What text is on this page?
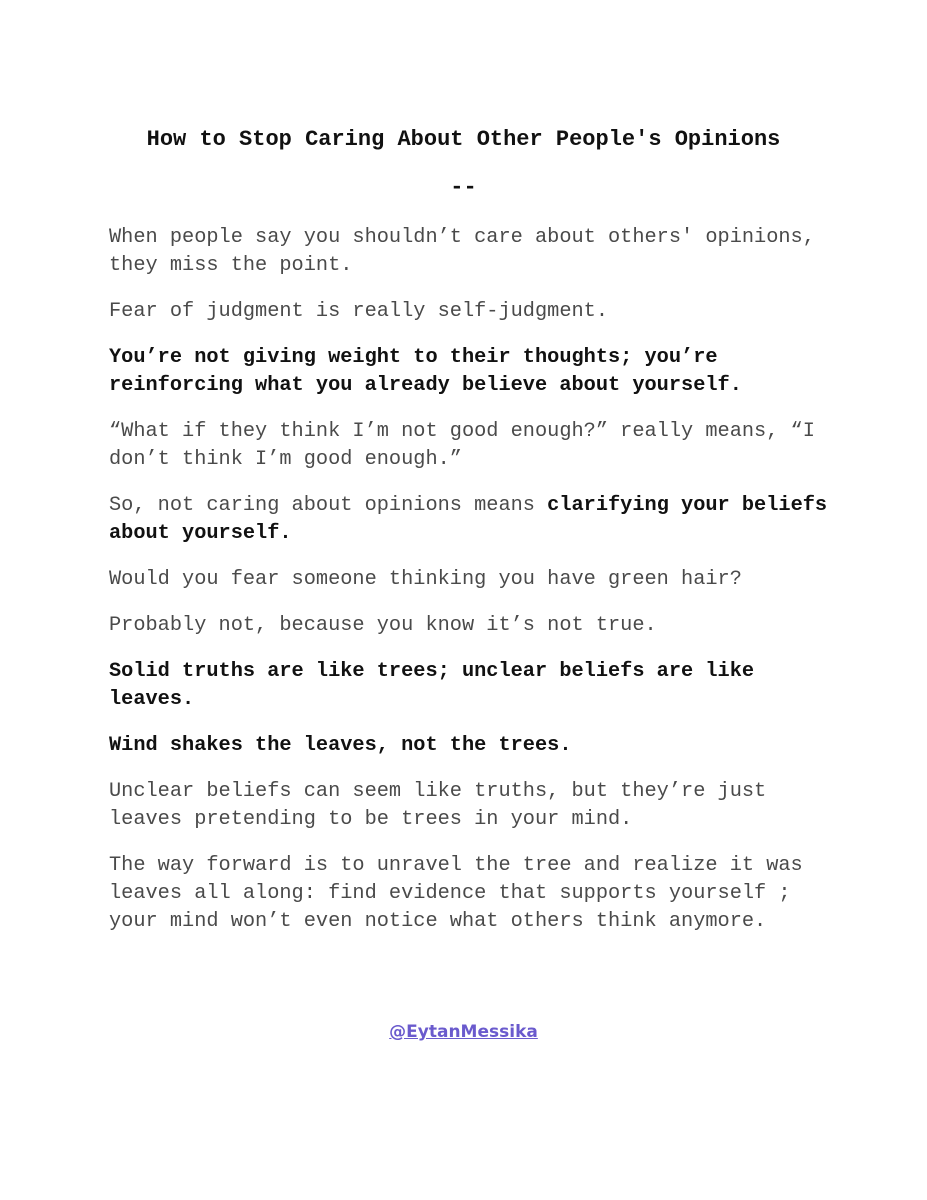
How to Stop Caring About Other People's Opinions
--

When people say you shouldn’t care about others' opinions, they miss the point.

Fear of judgment is really self-judgment.

You’re not giving weight to their thoughts; you’re reinforcing what you already believe about yourself.

“What if they think I’m not good enough?” really means, “I don’t think I’m good enough.”

So, not caring about opinions means clarifying your beliefs about yourself.

Would you fear someone thinking you have green hair?

Probably not, because you know it’s not true.

Solid truths are like trees; unclear beliefs are like leaves.

Wind shakes the leaves, not the trees.

Unclear beliefs can seem like truths, but they’re just leaves pretending to be trees in your mind.

The way forward is to unravel the tree and realize it was leaves all along: find evidence that supports yourself ; your mind won’t even notice what others think anymore.

@EytanMessika
